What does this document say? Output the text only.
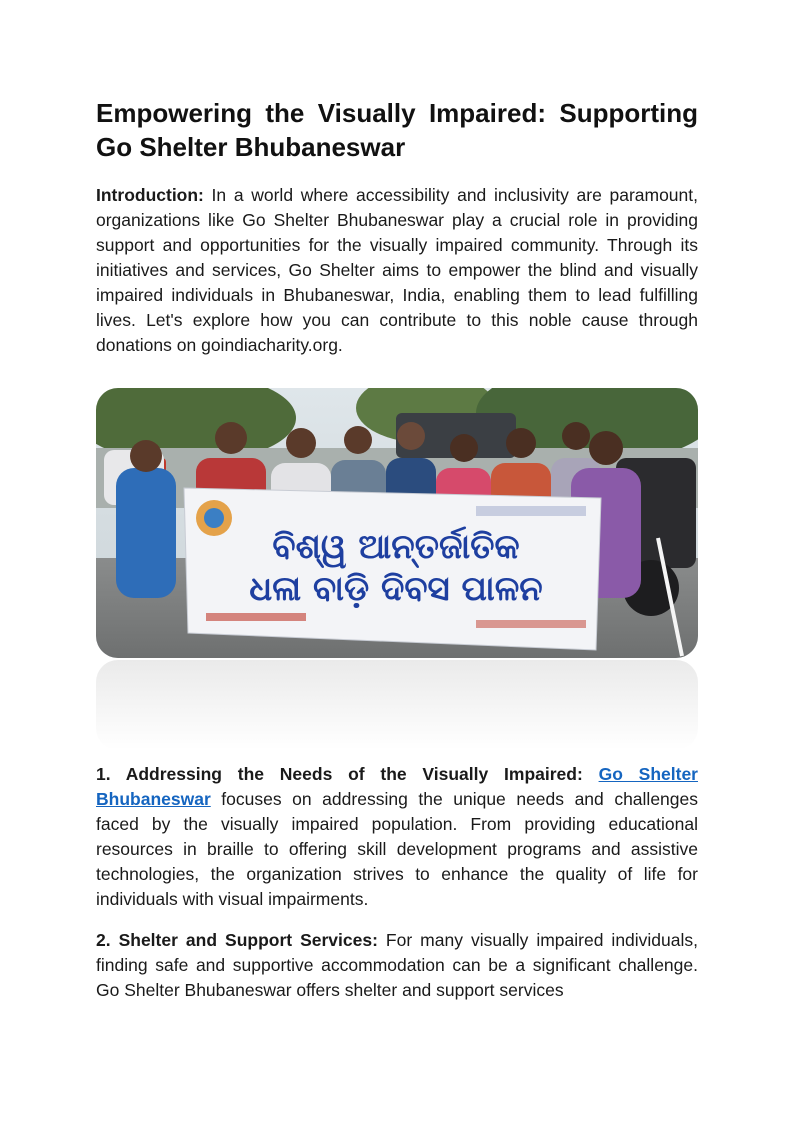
Empowering the Visually Impaired: Supporting Go Shelter Bhubaneswar

Introduction: In a world where accessibility and inclusivity are paramount, organizations like Go Shelter Bhubaneswar play a crucial role in providing support and opportunities for the visually impaired community. Through its initiatives and services, Go Shelter aims to empower the blind and visually impaired individuals in Bhubaneswar, India, enabling them to lead fulfilling lives. Let's explore how you can contribute to this noble cause through donations on goindiacharity.org.

ବିଶ୍ୱ ଆନ୍ତର୍ଜାତିକ
ଧଳା ବାଡ଼ି ଦିବସ ପାଳନ

1. Addressing the Needs of the Visually Impaired: Go Shelter Bhubaneswar focuses on addressing the unique needs and challenges faced by the visually impaired population. From providing educational resources in braille to offering skill development programs and assistive technologies, the organization strives to enhance the quality of life for individuals with visual impairments.

2. Shelter and Support Services: For many visually impaired individuals, finding safe and supportive accommodation can be a significant challenge. Go Shelter Bhubaneswar offers shelter and support services
